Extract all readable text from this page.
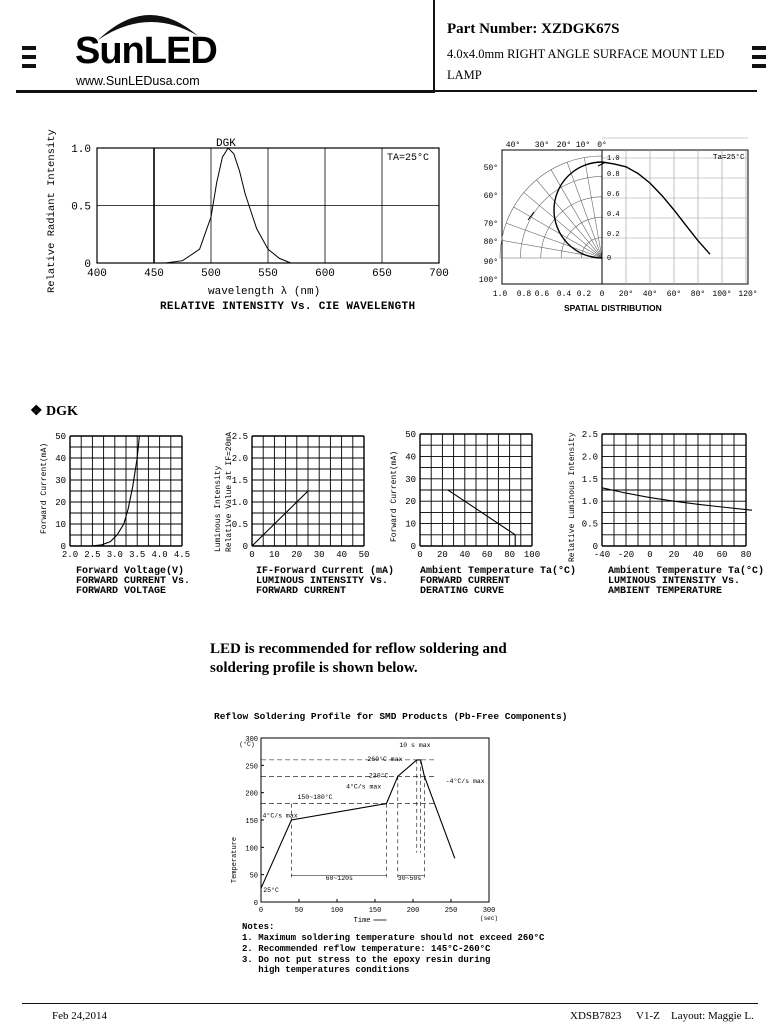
SunLED
www.SunLEDusa.com
Part Number: XZDGK67S
4.0x4.0mm RIGHT ANGLE SURFACE MOUNT LED
LAMP
400	450	500	550	600	650	700
0
0.5
1.0	DGK
TA=25°C
Relative Radiant Intensity	wavelength λ (nm)
RELATIVE INTENSITY Vs. CIE WAVELENGTH
Ta=25°C
40° 30° 20° 10° 0°
50°
60°
70°
80°
90°
100°
1.0 0.8 0.6 0.4 0.2 0 20° 40° 60° 80° 100° 120°
1.0
0.8
0.6
0.4
0.2
0
SPATIAL DISTRIBUTION
❖ DGK
2.0 2.5 3.0 3.5 4.0 4.5
0
10
20
30
40
50
Forward Current(mA)
Forward Voltage(V)
FORWARD CURRENT Vs.
FORWARD VOLTAGE
0 10 20 30 40 50
0
0.5
1.0
1.5
2.0
2.5
Luminous Intensity Relative Value at IF=20mA
IF-Forward Current (mA)
LUMINOUS INTENSITY Vs.
FORWARD CURRENT
0 20 40 60 80 100
0
10
20
30
40
50
Forward Current(mA)
Ambient Temperature Ta(°C)
FORWARD CURRENT
DERATING CURVE
-40 -20 0 20 40 60 80
0
0.5
1.0
1.5
2.0
2.5
Relative Luminous Intensity
Ambient Temperature Ta(°C)
LUMINOUS INTENSITY Vs.
AMBIENT TEMPERATURE
LED is recommended for reflow soldering and
soldering profile is shown below.
Reflow Soldering Profile for SMD Products (Pb-Free Components)
0	50	100	150	200	250	300
0
50
100
150
200
250
300
10 s max
260°C max
230°C
4°C/s max
-4°C/s max
4°C/s max
150~180°C
60~120s	30~50s
25°C
Temperature
(°C)
Time	(sec)
Notes:
1. Maximum soldering temperature should not exceed 260°C
2. Recommended reflow temperature: 145°C-260°C
3. Do not put stress to the epoxy resin during
high temperatures conditions
Feb 24,2014	XDSB7823 V1-Z Layout: Maggie L.
